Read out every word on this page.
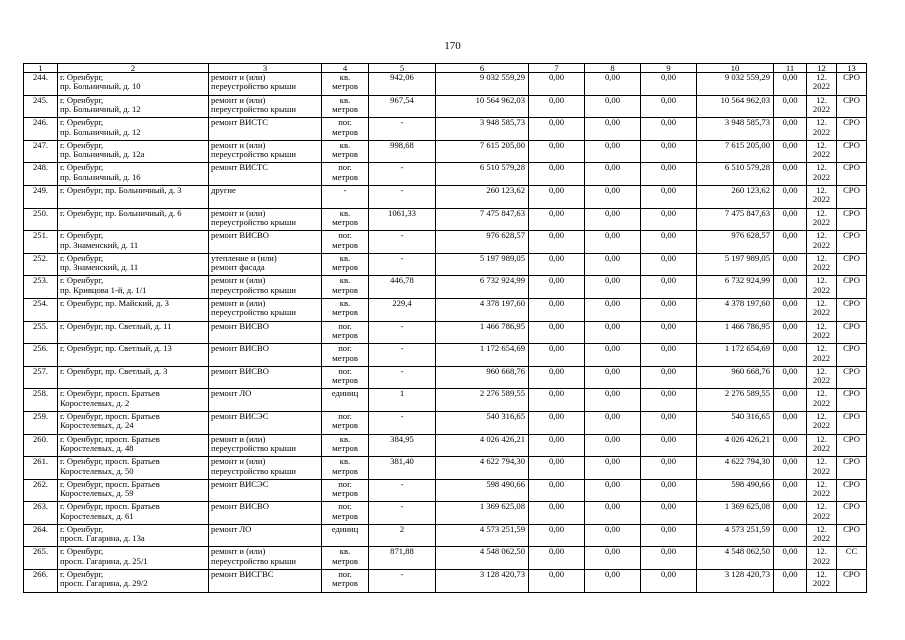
170
1	2	3	4	5	6	7	8	9	10	11	12	13

244.	г. Оренбург,
пр. Больничный, д. 10	ремонт и (или)
переустройство крыши	кв.
метров	942,06	9 032 559,29	0,00	0,00	0,00	9 032 559,29	0,00	12.
2022	СРО

245.	г. Оренбург,
пр. Больничный, д. 12	ремонт и (или)
переустройство крыши	кв.
метров	967,54	10 564 962,03	0,00	0,00	0,00	10 564 962,03	0,00	12.
2022	СРО

246.	г. Оренбург,
пр. Больничный, д. 12	ремонт ВИСТС	пог.
метров	-	3 948 585,73	0,00	0,00	0,00	3 948 585,73	0,00	12.
2022	СРО

247.	г. Оренбург,
пр. Больничный, д. 12а	ремонт и (или)
переустройство крыши	кв.
метров	998,68	7 615 205,00	0,00	0,00	0,00	7 615 205,00	0,00	12.
2022	СРО

248.	г. Оренбург,
пр. Больничный, д. 16	ремонт ВИСТС	пог.
метров	-	6 510 579,28	0,00	0,00	0,00	6 510 579,28	0,00	12.
2022	СРО

249.	г. Оренбург, пр. Больничный, д. 3	другие	-	-	260 123,62	0,00	0,00	0,00	260 123,62	0,00	12.
2022	СРО

250.	г. Оренбург, пр. Больничный, д. 6	ремонт и (или)
переустройство крыши	кв.
метров	1061,33	7 475 847,63	0,00	0,00	0,00	7 475 847,63	0,00	12.
2022	СРО

251.	г. Оренбург,
пр. Знаменский, д. 11	ремонт ВИСВО	пог.
метров	-	976 628,57	0,00	0,00	0,00	976 628,57	0,00	12.
2022	СРО

252.	г. Оренбург,
пр. Знаменский, д. 11	утепление и (или)
ремонт фасада	кв.
метров	-	5 197 989,05	0,00	0,00	0,00	5 197 989,05	0,00	12.
2022	СРО

253.	г. Оренбург,
пр. Кривцова 1-й, д. 1/1	ремонт и (или)
переустройство крыши	кв.
метров	446,78	6 732 924,99	0,00	0,00	0,00	6 732 924,99	0,00	12.
2022	СРО

254.	г. Оренбург, пр. Майский, д. 3	ремонт и (или)
переустройство крыши	кв.
метров	229,4	4 378 197,60	0,00	0,00	0,00	4 378 197,60	0,00	12.
2022	СРО

255.	г. Оренбург, пр. Светлый, д. 11	ремонт ВИСВО	пог.
метров	-	1 466 786,95	0,00	0,00	0,00	1 466 786,95	0,00	12.
2022	СРО

256.	г. Оренбург, пр. Светлый, д. 13	ремонт ВИСВО	пог.
метров	-	1 172 654,69	0,00	0,00	0,00	1 172 654,69	0,00	12.
2022	СРО

257.	г. Оренбург, пр. Светлый, д. 3	ремонт ВИСВО	пог.
метров	-	960 668,76	0,00	0,00	0,00	960 668,76	0,00	12.
2022	СРО

258.	г. Оренбург, просп. Братьев
Коростелевых, д. 2	ремонт ЛО	единиц	1	2 276 589,55	0,00	0,00	0,00	2 276 589,55	0,00	12.
2022	СРО

259.	г. Оренбург, просп. Братьев
Коростелевых, д. 24	ремонт ВИСЭС	пог.
метров	-	540 316,65	0,00	0,00	0,00	540 316,65	0,00	12.
2022	СРО

260.	г. Оренбург, просп. Братьев
Коростелевых, д. 48	ремонт и (или)
переустройство крыши	кв.
метров	384,95	4 026 426,21	0,00	0,00	0,00	4 026 426,21	0,00	12.
2022	СРО

261.	г. Оренбург, просп. Братьев
Коростелевых, д. 50	ремонт и (или)
переустройство крыши	кв.
метров	381,40	4 622 794,30	0,00	0,00	0,00	4 622 794,30	0,00	12.
2022	СРО

262.	г. Оренбург, просп. Братьев
Коростелевых, д. 59	ремонт ВИСЭС	пог.
метров	-	598 490,66	0,00	0,00	0,00	598 490,66	0,00	12.
2022	СРО

263.	г. Оренбург, просп. Братьев
Коростелевых, д. 61	ремонт ВИСВО	пог.
метров	-	1 369 625,08	0,00	0,00	0,00	1 369 625,08	0,00	12.
2022	СРО

264.	г. Оренбург,
просп. Гагарина, д. 13а	ремонт ЛО	единиц	2	4 573 251,59	0,00	0,00	0,00	4 573 251,59	0,00	12.
2022	СРО

265.	г. Оренбург,
просп. Гагарина, д. 25/1	ремонт и (или)
переустройство крыши	кв.
метров	871,88	4 548 062,50	0,00	0,00	0,00	4 548 062,50	0,00	12.
2022	СС

266.	г. Оренбург,
просп. Гагарина, д. 29/2	ремонт ВИСГВС	пог.
метров	-	3 128 420,73	0,00	0,00	0,00	3 128 420,73	0,00	12.
2022	СРО
